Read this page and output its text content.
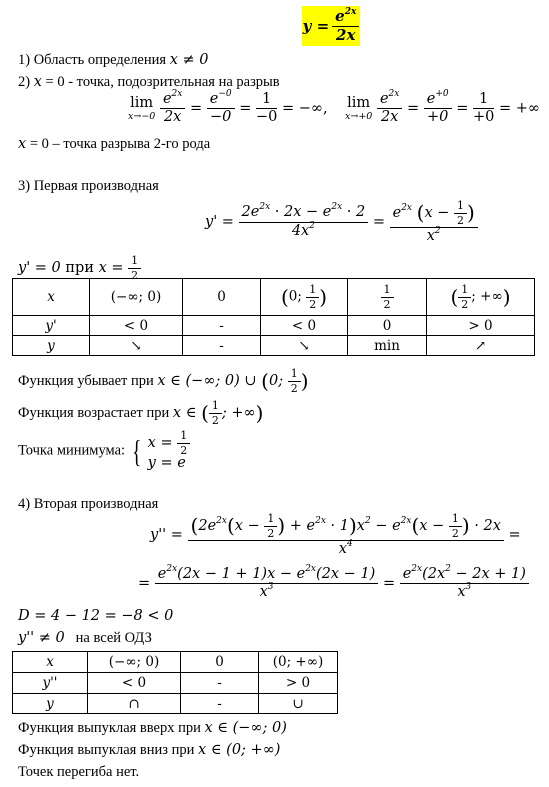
$y = \frac{e^{2x}}{2x}$
1) Область определения x ≠ 0
2) x = 0 - точка, подозрительная на разрыв
lim
x→−0
$\frac{e^{2x}}{2x} = \frac{e^{-0}}{-0} = \frac{1}{-0}$ = −∞, lim
x→+0
$\frac{e^{2x}}{2x} = \frac{e^{+0}}{+0} = \frac{1}{+0}$ = +∞
x = 0 – точка разрыва 2-го рода
3) Первая производная
$y' = \frac{2e^{2x} \cdot 2x - e^{2x} \cdot 2}{4x^2} = \frac{e^{2x} (x - \frac{1}{2} )}{x^2}$
y' = 0 при $x = \frac{1}{2}$
x	(−∞; 0)	0	(0; $\frac{1}{2}$ )	$\frac{1}{2}$	( $\frac{1}{2}$ ; +∞)
y'	< 0	-	< 0	0	> 0
y	↘	-	↘	min	↗
Функция убывает при x ∈ (−∞; 0) ∪ (0; $\frac{1}{2}$ )
Функция возрастает при x ∈ ( $\frac{1}{2}$ ; +∞)
Точка минимума: { $x = \frac{1}{2}$
y = e
4) Вторая производная
$y'' = \frac{(2e^{2x}(x - \frac{1}{2} ) + e^{2x} \cdot 1)x^2 - e^{2x}(x - \frac{1}{2} ) \cdot 2x}{x^4}$ =
= $\frac{e^{2x}(2x - 1 + 1)x - e^{2x}(2x - 1)}{x^3} = \frac{e^{2x}(2x^2 - 2x + 1)}{x^3}$
D = 4 − 12 = −8 < 0
y'' ≠ 0 на всей ОДЗ
x	(−∞; 0)	0	(0; +∞)
y''	< 0	-	> 0
y	∩	-	∪
Функция выпуклая вверх при x ∈ (−∞; 0)
Функция выпуклая вниз при x ∈ (0; +∞)
Точек перегиба нет.
